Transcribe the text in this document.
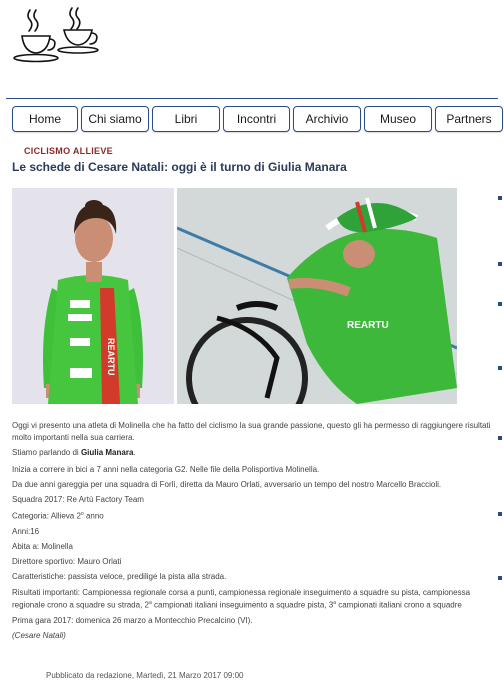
Home	Chi siamo	Libri	Incontri	Archivio	Museo	Partners
CICLISMO ALLIEVE
Le schede di Cesare Natali: oggi è il turno di Giulia Manara
REARTU
REARTU

Oggi vi presento una atleta di Molinella che ha fatto del ciclismo la sua grande passione, questo gli ha permesso di raggiungere risultati molto importanti nella sua carriera.

Stiamo parlando di Giulia Manara.

Inizia a correre in bici a 7 anni nella categoria G2. Nelle file della Polisportiva Molinella.

Da due anni gareggia per una squadra di Forlì, diretta da Mauro Orlati, avversario un tempo del nostro Marcello Braccioli.

Squadra 2017: Re Artù Factory Team

Categoria: Allieva 2$^o$ anno

Anni:16

Abita a: Molinella

Direttore sportivo: Mauro Orlati

Caratteristiche: passista veloce, predilige la pista alla strada.

Risultati importanti: Campionessa regionale corsa a punti, campionessa regionale inseguimento a squadre su pista, campionessa regionale crono a squadre su strada, 2$^a$ campionati italiani inseguimento a squadre pista, 3$^a$ campionati italiani crono a squadre

Prima gara 2017: domenica 26 marzo a Montecchio Precalcino (VI).

(Cesare Natali)

Pubblicato da redazione, Martedì, 21 Marzo 2017 09:00
